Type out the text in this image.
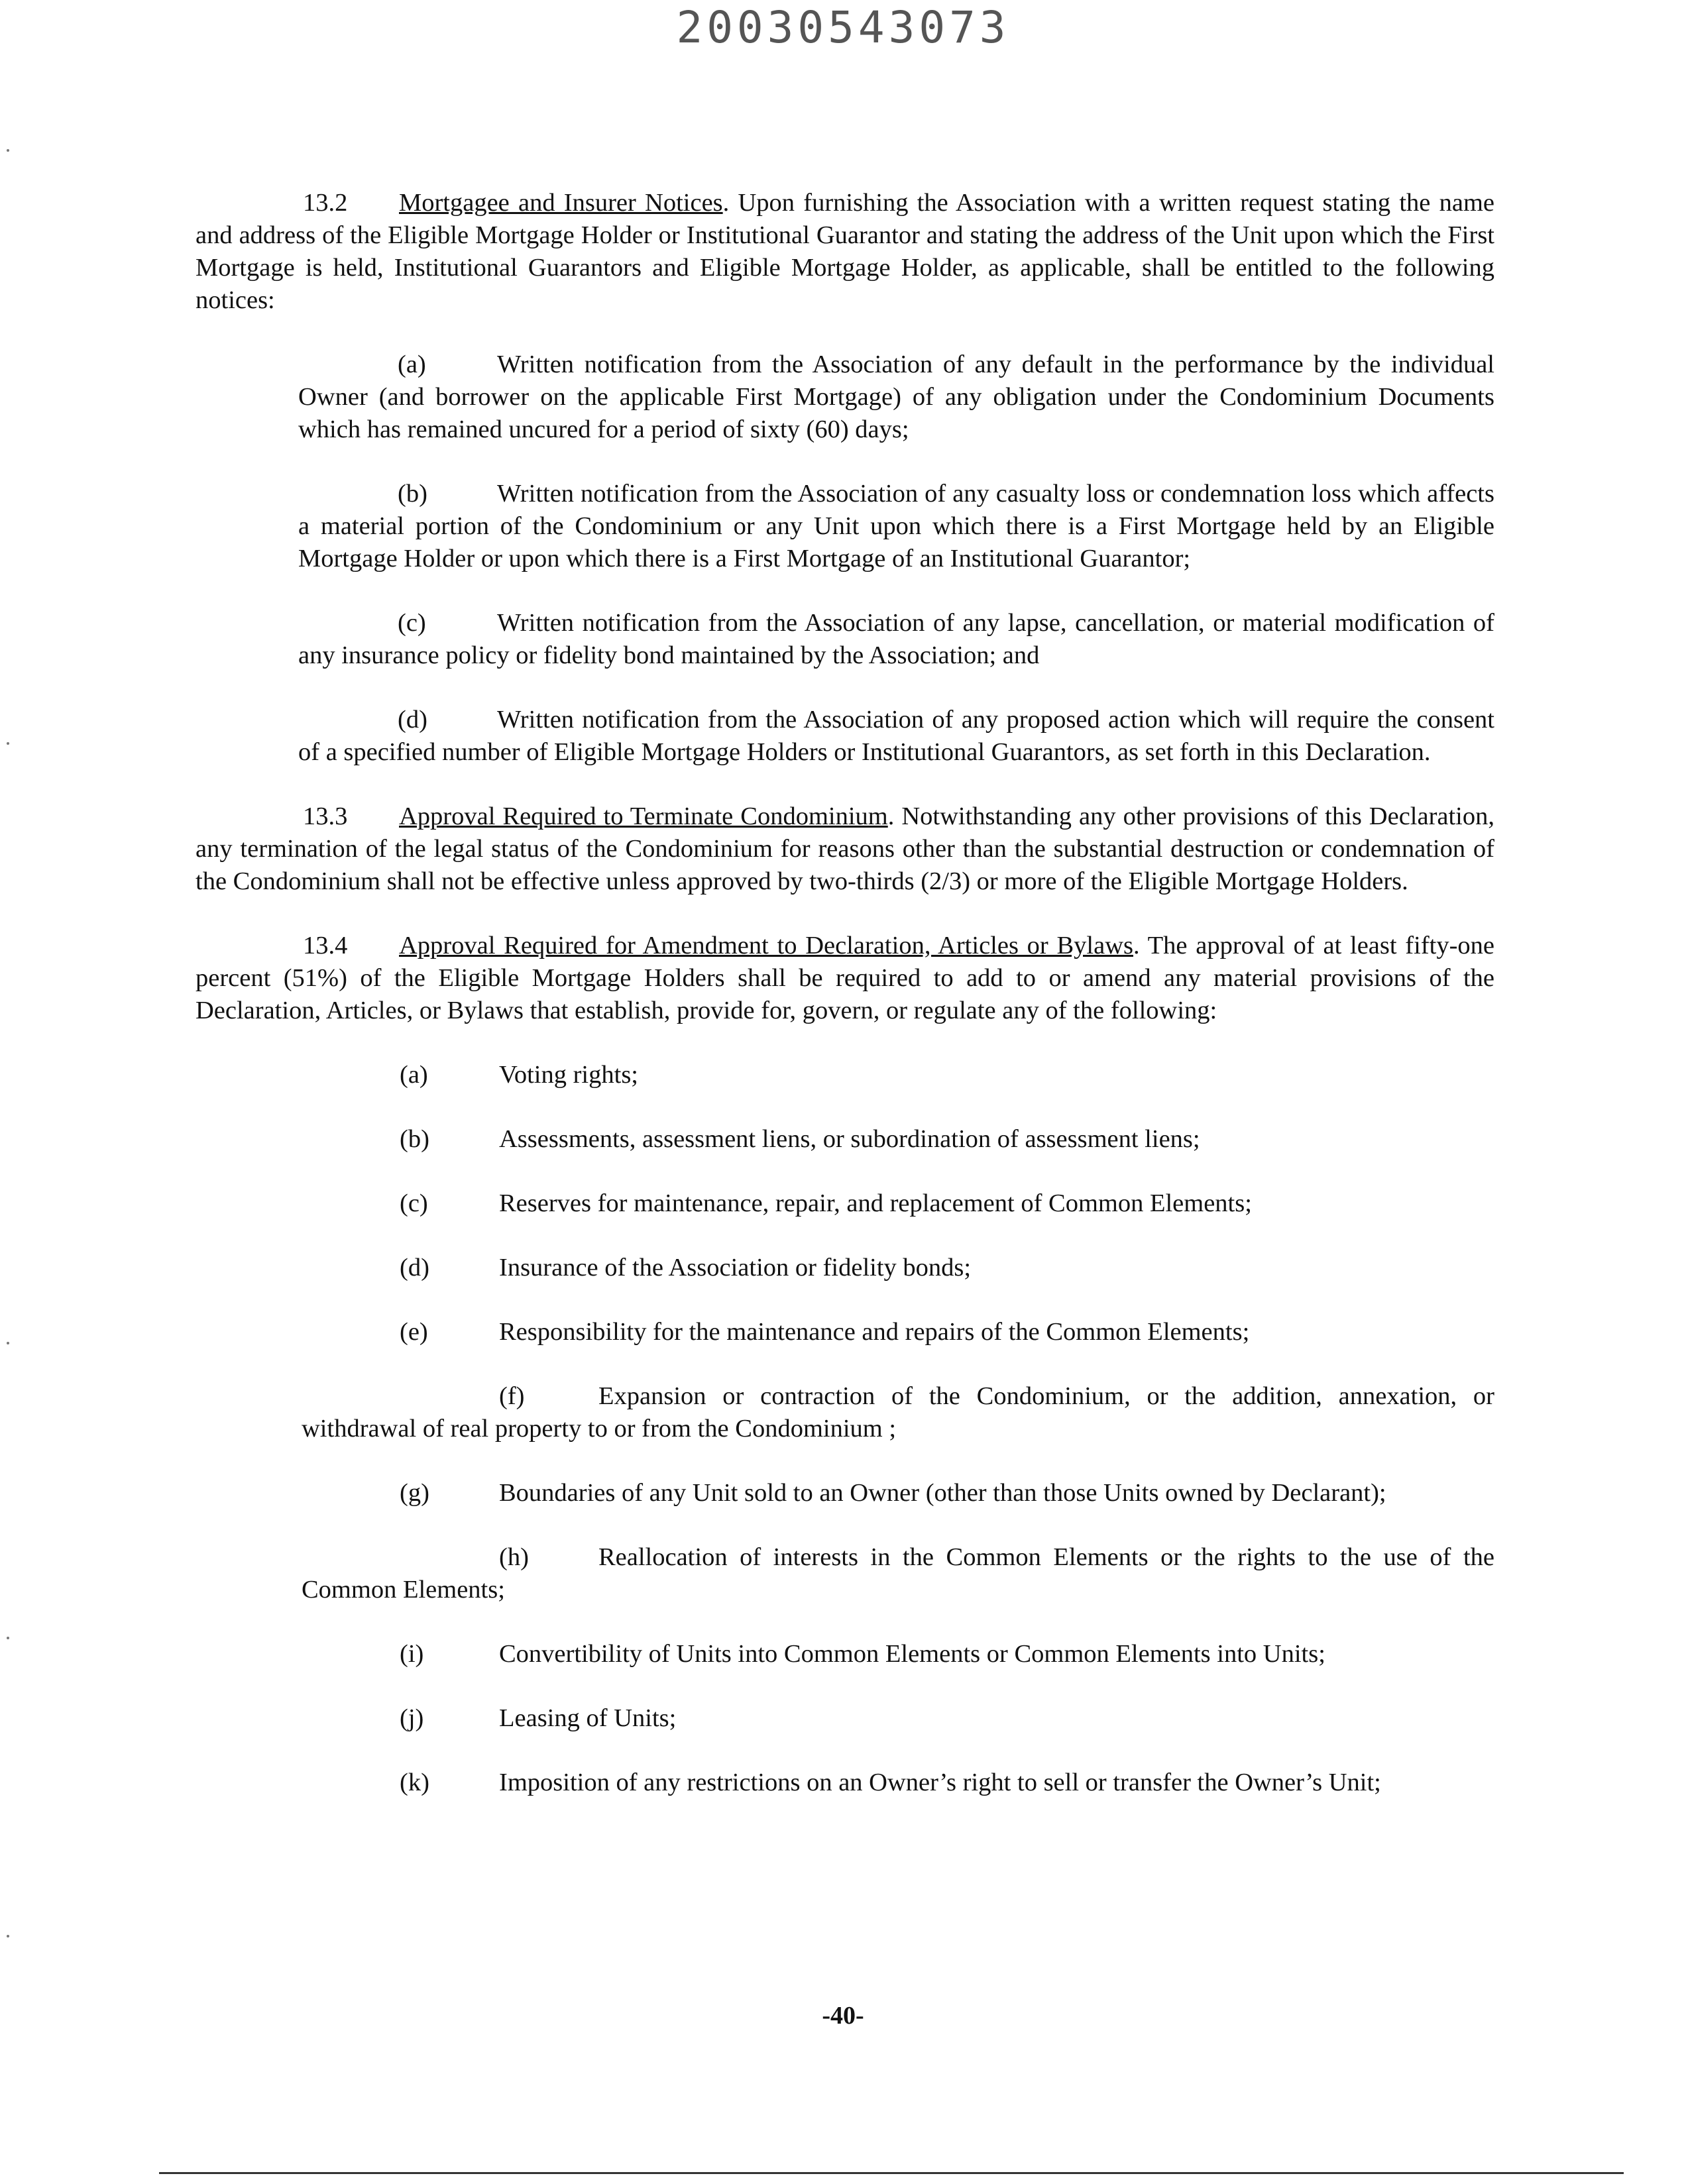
20030543073

13.2 Mortgagee and Insurer Notices. Upon furnishing the Association with a written request stating the name and address of the Eligible Mortgage Holder or Institutional Guarantor and stating the address of the Unit upon which the First Mortgage is held, Institutional Guarantors and Eligible Mortgage Holder, as applicable, shall be entitled to the following notices:

(a)	Written notification from the Association of any default in the performance by the individual Owner (and borrower on the applicable First Mortgage) of any obligation under the Condominium Documents which has remained uncured for a period of sixty (60) days;

(b)	Written notification from the Association of any casualty loss or condemnation loss which affects a material portion of the Condominium or any Unit upon which there is a First Mortgage held by an Eligible Mortgage Holder or upon which there is a First Mortgage of an Institutional Guarantor;

(c)	Written notification from the Association of any lapse, cancellation, or material modification of any insurance policy or fidelity bond maintained by the Association; and

(d)	Written notification from the Association of any proposed action which will require the consent of a specified number of Eligible Mortgage Holders or Institutional Guarantors, as set forth in this Declaration.

13.3 Approval Required to Terminate Condominium. Notwithstanding any other provisions of this Declaration, any termination of the legal status of the Condominium for reasons other than the substantial destruction or condemnation of the Condominium shall not be effective unless approved by two-thirds (2/3) or more of the Eligible Mortgage Holders.

13.4 Approval Required for Amendment to Declaration, Articles or Bylaws. The approval of at least fifty-one percent (51%) of the Eligible Mortgage Holders shall be required to add to or amend any material provisions of the Declaration, Articles, or Bylaws that establish, provide for, govern, or regulate any of the following:

(a)	Voting rights;
(b)	Assessments, assessment liens, or subordination of assessment liens;
(c)	Reserves for maintenance, repair, and replacement of Common Elements;
(d)	Insurance of the Association or fidelity bonds;
(e)	Responsibility for the maintenance and repairs of the Common Elements;
(f)	Expansion or contraction of the Condominium, or the addition, annexation, or withdrawal of real property to or from the Condominium ;
(g)	Boundaries of any Unit sold to an Owner (other than those Units owned by Declarant);
(h)	Reallocation of interests in the Common Elements or the rights to the use of the Common Elements;
(i)	Convertibility of Units into Common Elements or Common Elements into Units;
(j)	Leasing of Units;
(k)	Imposition of any restrictions on an Owner’s right to sell or transfer the Owner’s Unit;
-40-
